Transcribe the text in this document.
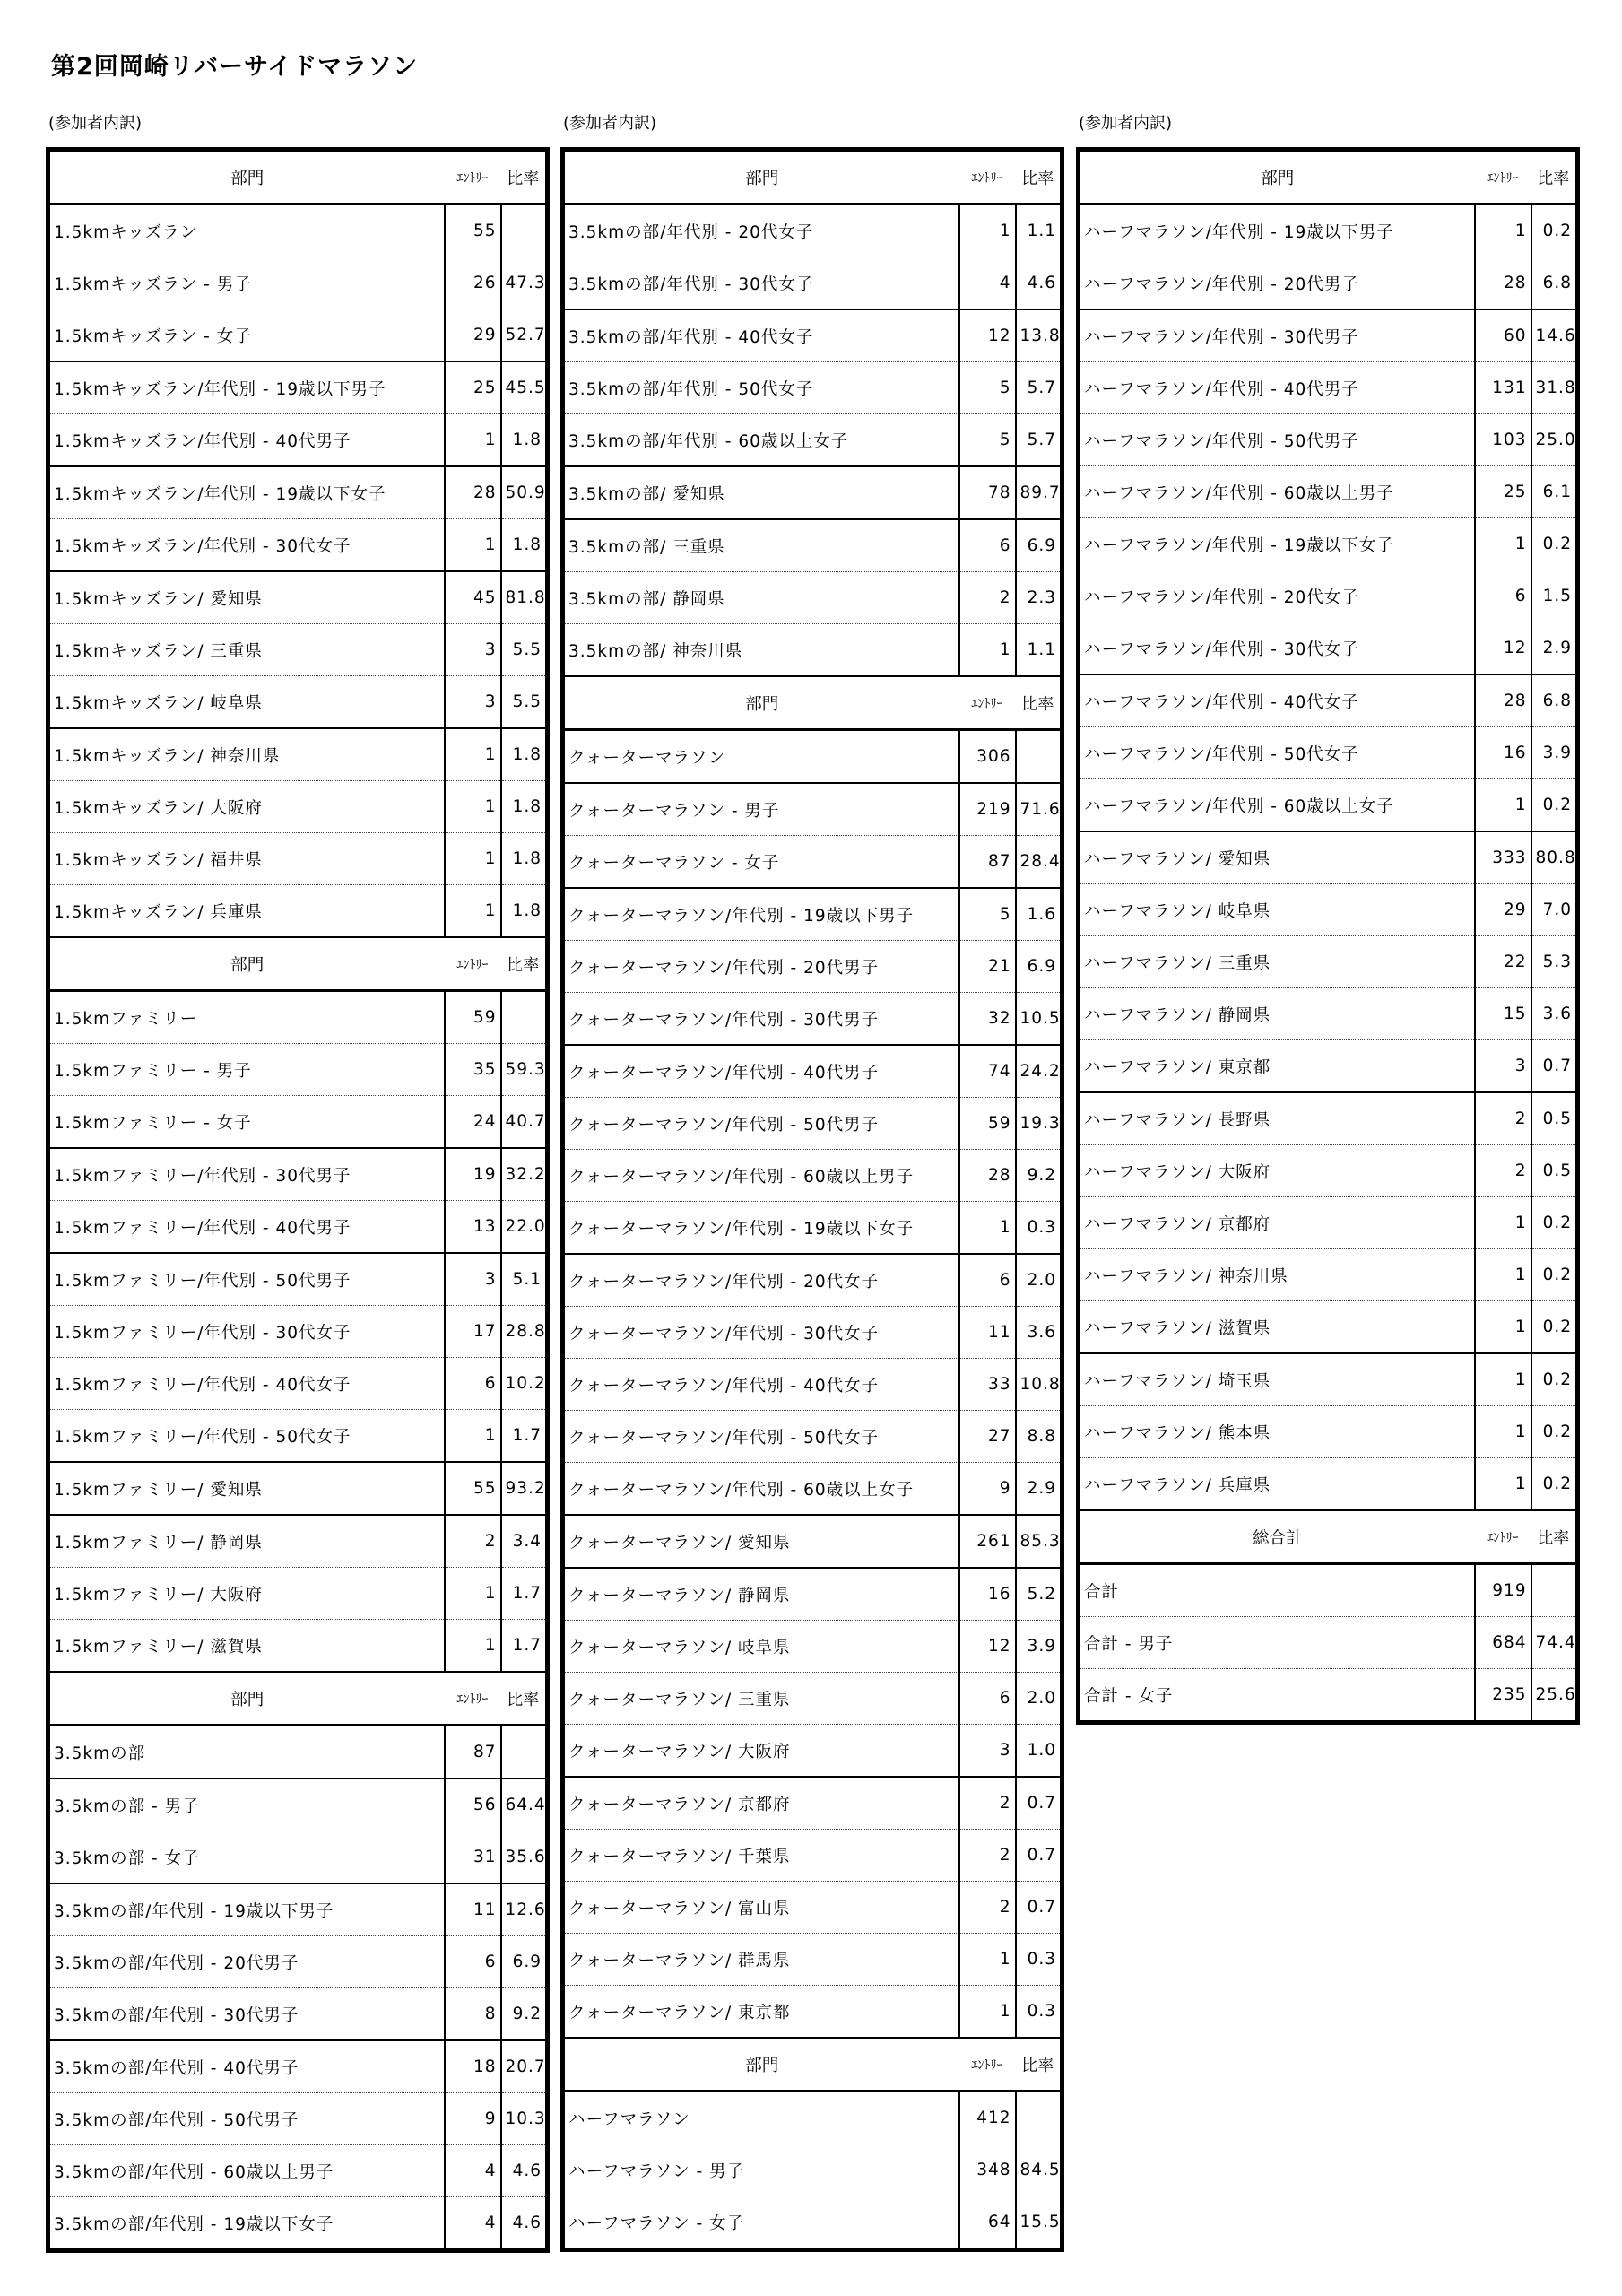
第2回岡崎リバーサイドマラソン
(参加者内訳)
部門	ｴﾝﾄﾘｰ	比率
1.5kmキッズラン	55	
1.5kmキッズラン - 男子	26	47.3
1.5kmキッズラン - 女子	29	52.7
1.5kmキッズラン/年代別 - 19歳以下男子	25	45.5
1.5kmキッズラン/年代別 - 40代男子	1	1.8
1.5kmキッズラン/年代別 - 19歳以下女子	28	50.9
1.5kmキッズラン/年代別 - 30代女子	1	1.8
1.5kmキッズラン/ 愛知県	45	81.8
1.5kmキッズラン/ 三重県	3	5.5
1.5kmキッズラン/ 岐阜県	3	5.5
1.5kmキッズラン/ 神奈川県	1	1.8
1.5kmキッズラン/ 大阪府	1	1.8
1.5kmキッズラン/ 福井県	1	1.8
1.5kmキッズラン/ 兵庫県	1	1.8
部門	ｴﾝﾄﾘｰ	比率
1.5kmファミリー	59	
1.5kmファミリー - 男子	35	59.3
1.5kmファミリー - 女子	24	40.7
1.5kmファミリー/年代別 - 30代男子	19	32.2
1.5kmファミリー/年代別 - 40代男子	13	22.0
1.5kmファミリー/年代別 - 50代男子	3	5.1
1.5kmファミリー/年代別 - 30代女子	17	28.8
1.5kmファミリー/年代別 - 40代女子	6	10.2
1.5kmファミリー/年代別 - 50代女子	1	1.7
1.5kmファミリー/ 愛知県	55	93.2
1.5kmファミリー/ 静岡県	2	3.4
1.5kmファミリー/ 大阪府	1	1.7
1.5kmファミリー/ 滋賀県	1	1.7
部門	ｴﾝﾄﾘｰ	比率
3.5kmの部	87	
3.5kmの部 - 男子	56	64.4
3.5kmの部 - 女子	31	35.6
3.5kmの部/年代別 - 19歳以下男子	11	12.6
3.5kmの部/年代別 - 20代男子	6	6.9
3.5kmの部/年代別 - 30代男子	8	9.2
3.5kmの部/年代別 - 40代男子	18	20.7
3.5kmの部/年代別 - 50代男子	9	10.3
3.5kmの部/年代別 - 60歳以上男子	4	4.6
3.5kmの部/年代別 - 19歳以下女子	4	4.6
(参加者内訳)
部門	ｴﾝﾄﾘｰ	比率
3.5kmの部/年代別 - 20代女子	1	1.1
3.5kmの部/年代別 - 30代女子	4	4.6
3.5kmの部/年代別 - 40代女子	12	13.8
3.5kmの部/年代別 - 50代女子	5	5.7
3.5kmの部/年代別 - 60歳以上女子	5	5.7
3.5kmの部/ 愛知県	78	89.7
3.5kmの部/ 三重県	6	6.9
3.5kmの部/ 静岡県	2	2.3
3.5kmの部/ 神奈川県	1	1.1
部門	ｴﾝﾄﾘｰ	比率
クォーターマラソン	306	
クォーターマラソン - 男子	219	71.6
クォーターマラソン - 女子	87	28.4
クォーターマラソン/年代別 - 19歳以下男子	5	1.6
クォーターマラソン/年代別 - 20代男子	21	6.9
クォーターマラソン/年代別 - 30代男子	32	10.5
クォーターマラソン/年代別 - 40代男子	74	24.2
クォーターマラソン/年代別 - 50代男子	59	19.3
クォーターマラソン/年代別 - 60歳以上男子	28	9.2
クォーターマラソン/年代別 - 19歳以下女子	1	0.3
クォーターマラソン/年代別 - 20代女子	6	2.0
クォーターマラソン/年代別 - 30代女子	11	3.6
クォーターマラソン/年代別 - 40代女子	33	10.8
クォーターマラソン/年代別 - 50代女子	27	8.8
クォーターマラソン/年代別 - 60歳以上女子	9	2.9
クォーターマラソン/ 愛知県	261	85.3
クォーターマラソン/ 静岡県	16	5.2
クォーターマラソン/ 岐阜県	12	3.9
クォーターマラソン/ 三重県	6	2.0
クォーターマラソン/ 大阪府	3	1.0
クォーターマラソン/ 京都府	2	0.7
クォーターマラソン/ 千葉県	2	0.7
クォーターマラソン/ 富山県	2	0.7
クォーターマラソン/ 群馬県	1	0.3
クォーターマラソン/ 東京都	1	0.3
部門	ｴﾝﾄﾘｰ	比率
ハーフマラソン	412	
ハーフマラソン - 男子	348	84.5
ハーフマラソン - 女子	64	15.5
(参加者内訳)
部門	ｴﾝﾄﾘｰ	比率
ハーフマラソン/年代別 - 19歳以下男子	1	0.2
ハーフマラソン/年代別 - 20代男子	28	6.8
ハーフマラソン/年代別 - 30代男子	60	14.6
ハーフマラソン/年代別 - 40代男子	131	31.8
ハーフマラソン/年代別 - 50代男子	103	25.0
ハーフマラソン/年代別 - 60歳以上男子	25	6.1
ハーフマラソン/年代別 - 19歳以下女子	1	0.2
ハーフマラソン/年代別 - 20代女子	6	1.5
ハーフマラソン/年代別 - 30代女子	12	2.9
ハーフマラソン/年代別 - 40代女子	28	6.8
ハーフマラソン/年代別 - 50代女子	16	3.9
ハーフマラソン/年代別 - 60歳以上女子	1	0.2
ハーフマラソン/ 愛知県	333	80.8
ハーフマラソン/ 岐阜県	29	7.0
ハーフマラソン/ 三重県	22	5.3
ハーフマラソン/ 静岡県	15	3.6
ハーフマラソン/ 東京都	3	0.7
ハーフマラソン/ 長野県	2	0.5
ハーフマラソン/ 大阪府	2	0.5
ハーフマラソン/ 京都府	1	0.2
ハーフマラソン/ 神奈川県	1	0.2
ハーフマラソン/ 滋賀県	1	0.2
ハーフマラソン/ 埼玉県	1	0.2
ハーフマラソン/ 熊本県	1	0.2
ハーフマラソン/ 兵庫県	1	0.2
総合計	ｴﾝﾄﾘｰ	比率
合計	919	
合計 - 男子	684	74.4
合計 - 女子	235	25.6
